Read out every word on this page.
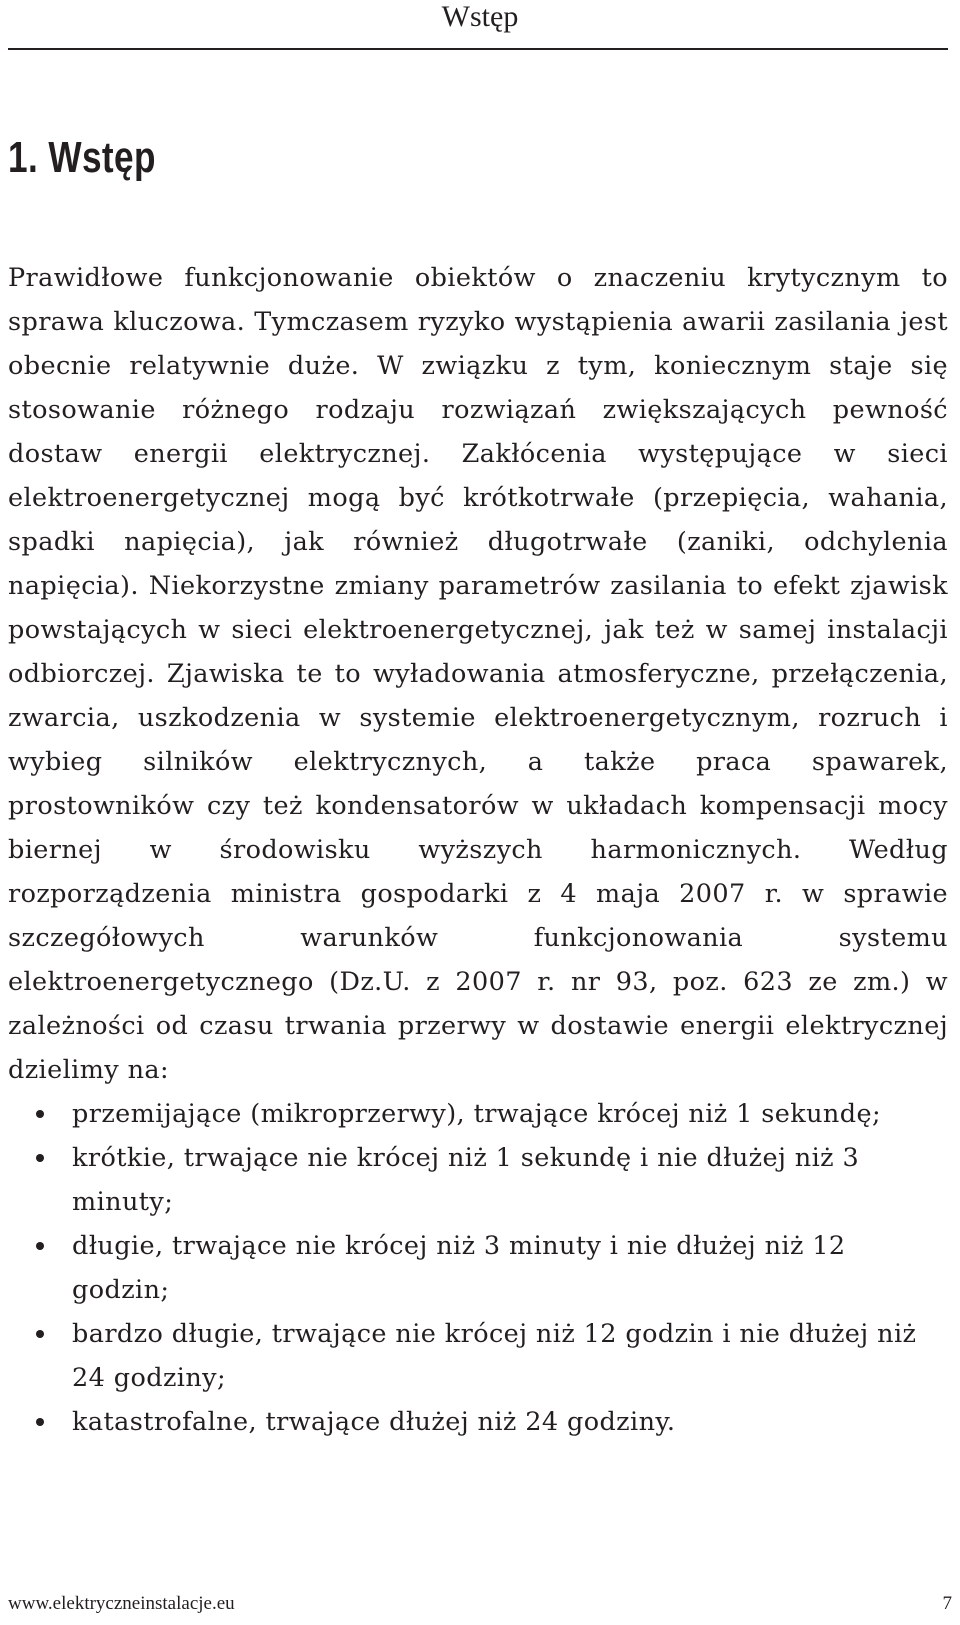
Wstęp
1. Wstęp

Prawidłowe funkcjonowanie obiektów o znaczeniu krytycznym to sprawa kluczowa. Tymczasem ryzyko wystąpienia awarii zasilania jest obecnie relatywnie duże. W związku z tym, koniecznym staje się stosowanie różnego rodzaju rozwiązań zwiększających pewność dostaw energii elektrycznej. Zakłócenia występujące w sieci elektroenergetycznej mogą być krótkotrwałe (przepięcia, wahania, spadki napięcia), jak również długotrwałe (zaniki, odchylenia napięcia). Niekorzystne zmiany parametrów zasilania to efekt zjawisk powstających w sieci elektroenergetycznej, jak też w samej instalacji odbiorczej. Zjawiska te to wyładowania atmosferyczne, przełączenia, zwarcia, uszkodzenia w systemie elektroenergetycznym, rozruch i wybieg silników elektrycznych, a także praca spawarek, prostowników czy też kondensatorów w układach kompensacji mocy biernej w środowisku wyższych harmonicznych. Według rozporządzenia ministra gospodarki z 4 maja 2007 r. w sprawie szczegółowych warunków funkcjonowania systemu elektroenergetycznego (Dz.U. z 2007 r. nr 93, poz. 623 ze zm.) w zależności od czasu trwania przerwy w dostawie energii elektrycznej dzielimy na:

przemijające (mikroprzerwy), trwające krócej niż 1 sekundę;
krótkie, trwające nie krócej niż 1 sekundę i nie dłużej niż 3 minuty;
długie, trwające nie krócej niż 3 minuty i nie dłużej niż 12 godzin;
bardzo długie, trwające nie krócej niż 12 godzin i nie dłużej niż 24 godziny;
katastrofalne, trwające dłużej niż 24 godziny.
www.elektryczneinstalacje.eu	7
